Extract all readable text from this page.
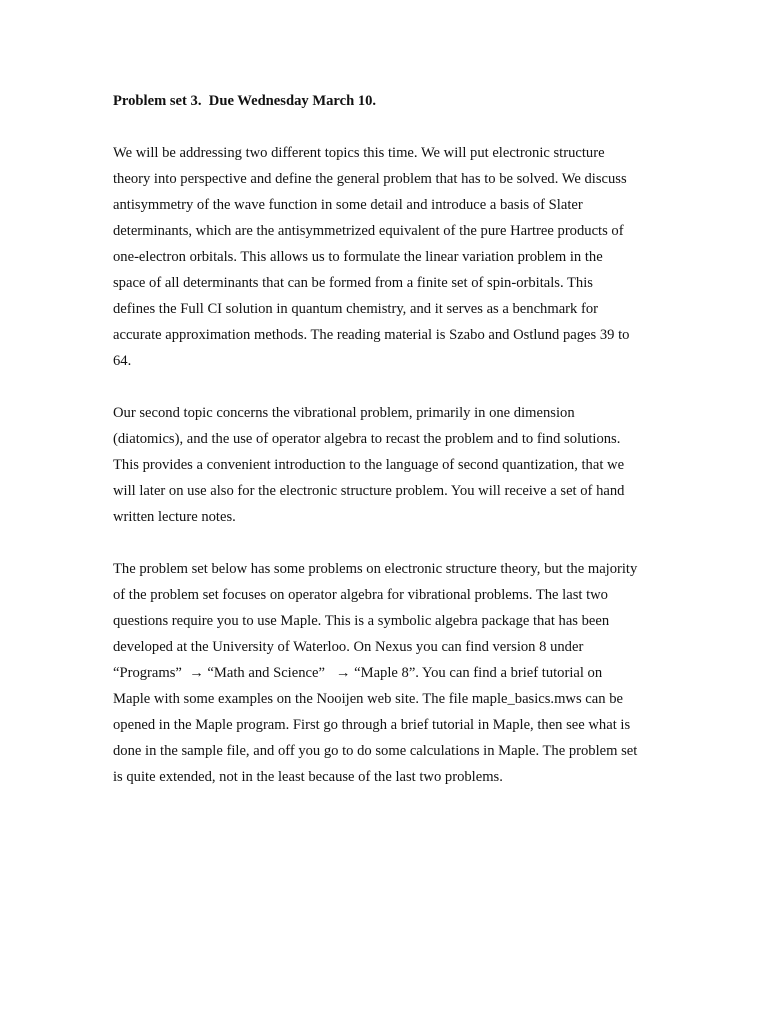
Problem set 3.  Due Wednesday March 10.
We will be addressing two different topics this time. We will put electronic structure
theory into perspective and define the general problem that has to be solved. We discuss
antisymmetry of the wave function in some detail and introduce a basis of Slater
determinants, which are the antisymmetrized equivalent of the pure Hartree products of
one-electron orbitals. This allows us to formulate the linear variation problem in the
space of all determinants that can be formed from a finite set of spin-orbitals. This
defines the Full CI solution in quantum chemistry, and it serves as a benchmark for
accurate approximation methods. The reading material is Szabo and Ostlund pages 39 to
64.
Our second topic concerns the vibrational problem, primarily in one dimension
(diatomics), and the use of operator algebra to recast the problem and to find solutions.
This provides a convenient introduction to the language of second quantization, that we
will later on use also for the electronic structure problem. You will receive a set of hand
written lecture notes.
The problem set below has some problems on electronic structure theory, but the majority
of the problem set focuses on operator algebra for vibrational problems. The last two
questions require you to use Maple. This is a symbolic algebra package that has been
developed at the University of Waterloo. On Nexus you can find version 8 under
“Programs”  → “Math and Science”   → “Maple 8”. You can find a brief tutorial on
Maple with some examples on the Nooijen web site. The file maple_basics.mws can be
opened in the Maple program. First go through a brief tutorial in Maple, then see what is
done in the sample file, and off you go to do some calculations in Maple. The problem set
is quite extended, not in the least because of the last two problems.
